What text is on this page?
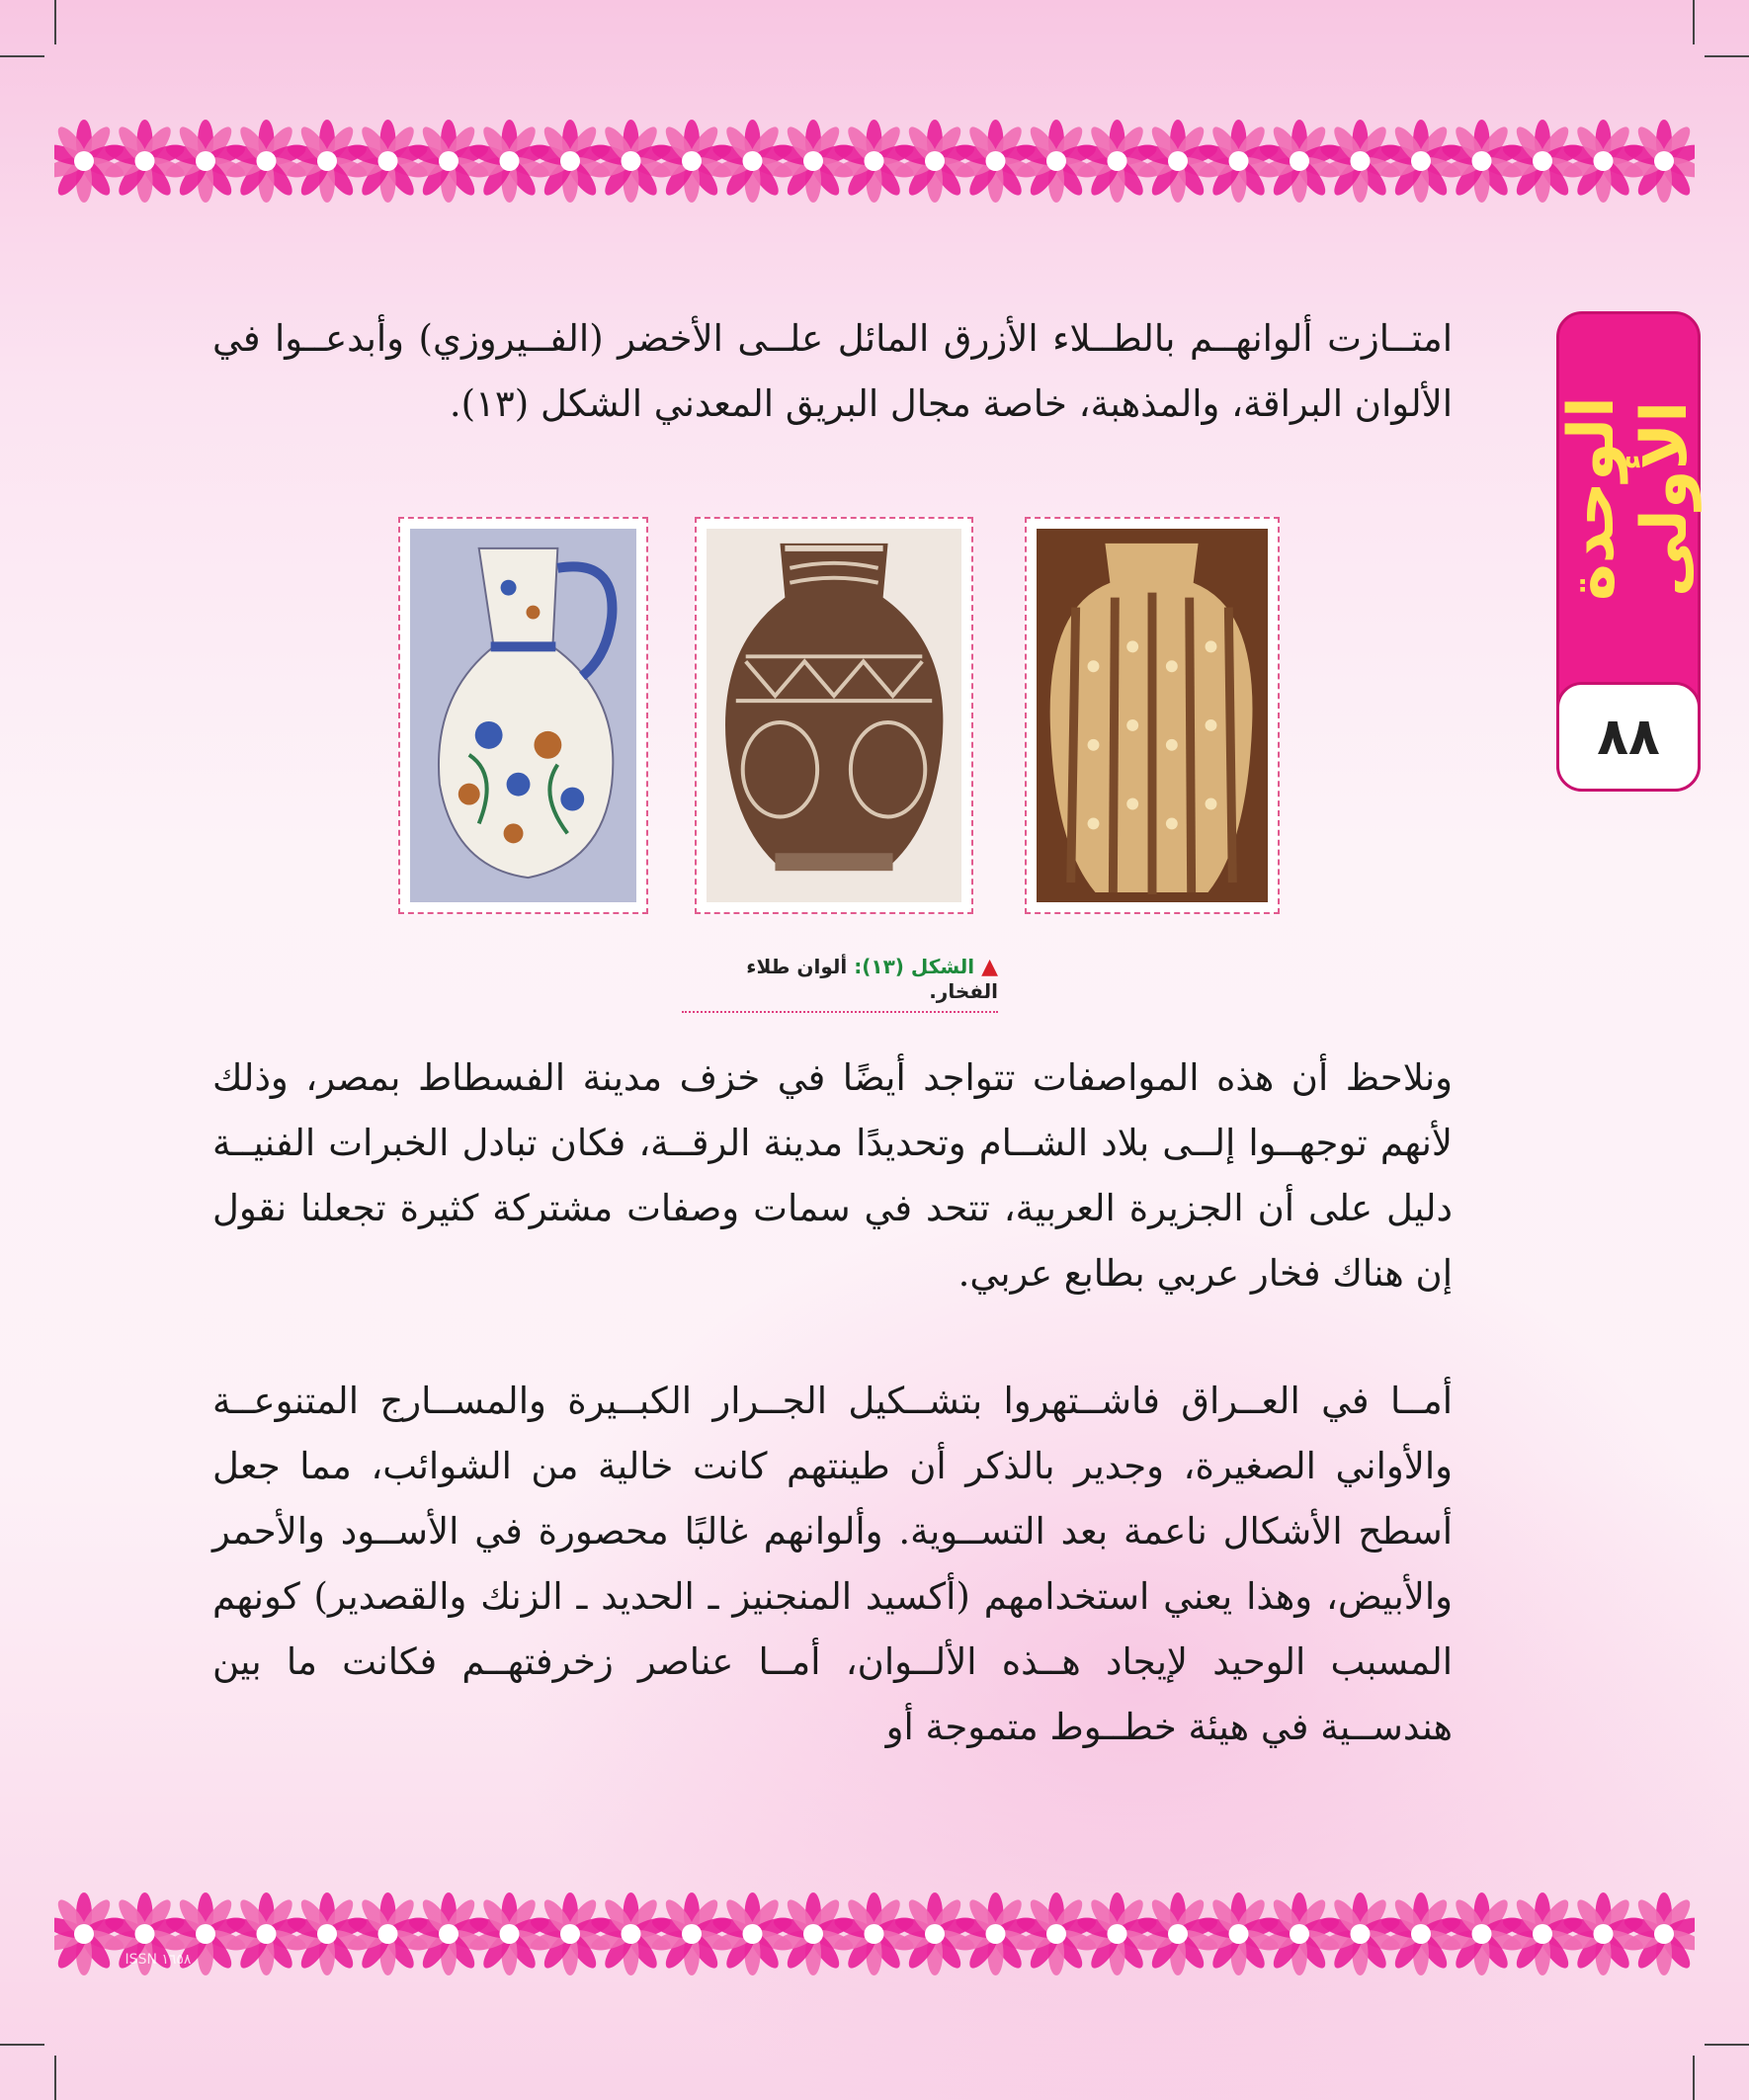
الوحدة الأولى
٨٨

امتــازت ألوانهــم بالطــلاء الأزرق المائل علــى الأخضر (الفــيروزي) وأبدعــوا في الألوان البراقة، والمذهبة، خاصة مجال البريق المعدني الشكل (١٣).

▲ الشكل (١٣): ألوان طلاء الفخار.

ونلاحظ أن هذه المواصفات تتواجد أيضًا في خزف مدينة الفسطاط بمصر، وذلك لأنهم توجهــوا إلــى بلاد الشــام وتحديدًا مدينة الرقــة، فكان تبادل الخبرات الفنيــة دليل على أن الجزيرة العربية، تتحد في سمات وصفات مشتركة كثيرة تجعلنا نقول إن هناك فخار عربي بطابع عربي.

أمــا في العــراق فاشــتهروا بتشــكيل الجــرار الكبــيرة والمســارج المتنوعــة والأواني الصغيرة، وجدير بالذكر أن طينتهم كانت خالية من الشوائب، مما جعل أسطح الأشكال ناعمة بعد التســوية. وألوانهم غالبًا محصورة في الأســود والأحمر والأبيض، وهذا يعني استخدامهم (أكسيد المنجنيز ـ الحديد ـ الزنك والقصدير) كونهم المسبب الوحيد لإيجاد هــذه الألــوان، أمــا عناصر زخرفتهــم فكانت ما بين هندســية في هيئة خطــوط متموجة أو

ISSN ١٦٥٨
